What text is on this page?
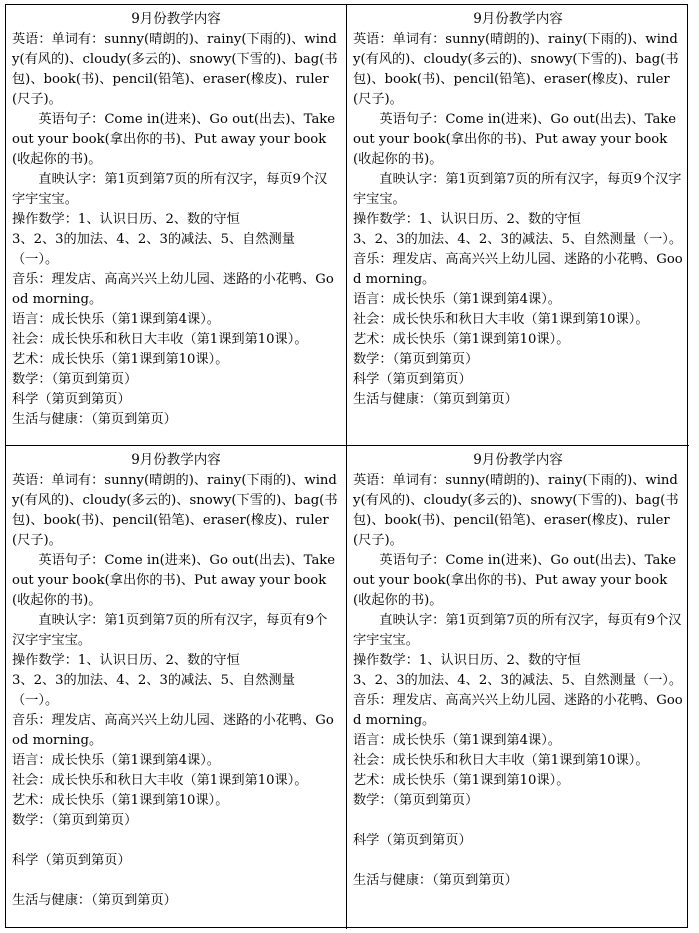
9月份教学内容

英语：单词有：sunny(晴朗的)、rainy(下雨的)、windy(有风的)、cloudy(多云的)、snowy(下雪的)、bag(书包)、book(书)、pencil(铅笔)、eraser(橡皮)、ruler(尺子)。

英语句子：Come in(进来)、Go out(出去)、Take out your book(拿出你的书)、Put away your book(收起你的书)。

直映认字：第1页到第7页的所有汉字，每页9个汉字宇宝宝。

操作数学：1、认识日历、2、数的守恒

3、2、3的加法、4、2、3的减法、5、自然测量（一）。

音乐：理发店、高高兴兴上幼儿园、迷路的小花鸭、Good morning。

语言：成长快乐（第1课到第4课）。

社会：成长快乐和秋日大丰收（第1课到第10课）。

艺术：成长快乐（第1课到第10课）。

数学：（第页到第页）

科学（第页到第页）

生活与健康：（第页到第页）

9月份教学内容

英语：单词有：sunny(晴朗的)、rainy(下雨的)、windy(有风的)、cloudy(多云的)、snowy(下雪的)、bag(书包)、book(书)、pencil(铅笔)、eraser(橡皮)、ruler(尺子)。

英语句子：Come in(进来)、Go out(出去)、Take out your book(拿出你的书)、Put away your book(收起你的书)。

直映认字：第1页到第7页的所有汉字，每页9个汉字宇宝宝。

操作数学：1、认识日历、2、数的守恒

3、2、3的加法、4、2、3的减法、5、自然测量（一）。

音乐：理发店、高高兴兴上幼儿园、迷路的小花鸭、Good morning。

语言：成长快乐（第1课到第4课）。

社会：成长快乐和秋日大丰收（第1课到第10课）。

艺术：成长快乐（第1课到第10课）。

数学：（第页到第页）

科学（第页到第页）

生活与健康：（第页到第页）

9月份教学内容

英语：单词有：sunny(晴朗的)、rainy(下雨的)、windy(有风的)、cloudy(多云的)、snowy(下雪的)、bag(书包)、book(书)、pencil(铅笔)、eraser(橡皮)、ruler(尺子)。

英语句子：Come in(进来)、Go out(出去)、Take out your book(拿出你的书)、Put away your book(收起你的书)。

直映认字：第1页到第7页的所有汉字，每页有9个汉字宇宝宝。

操作数学：1、认识日历、2、数的守恒

3、2、3的加法、4、2、3的减法、5、自然测量（一）。

音乐：理发店、高高兴兴上幼儿园、迷路的小花鸭、Good morning。

语言：成长快乐（第1课到第4课）。

社会：成长快乐和秋日大丰收（第1课到第10课）。

艺术：成长快乐（第1课到第10课）。

数学：（第页到第页）

科学（第页到第页）

生活与健康：（第页到第页）

9月份教学内容

英语：单词有：sunny(晴朗的)、rainy(下雨的)、windy(有风的)、cloudy(多云的)、snowy(下雪的)、bag(书包)、book(书)、pencil(铅笔)、eraser(橡皮)、ruler(尺子)。

英语句子：Come in(进来)、Go out(出去)、Take out your book(拿出你的书)、Put away your book(收起你的书)。

直映认字：第1页到第7页的所有汉字，每页有9个汉字宇宝宝。

操作数学：1、认识日历、2、数的守恒

3、2、3的加法、4、2、3的减法、5、自然测量（一）。

音乐：理发店、高高兴兴上幼儿园、迷路的小花鸭、Good morning。

语言：成长快乐（第1课到第4课）。

社会：成长快乐和秋日大丰收（第1课到第10课）。

艺术：成长快乐（第1课到第10课）。

数学：（第页到第页）

科学（第页到第页）

生活与健康：（第页到第页）
